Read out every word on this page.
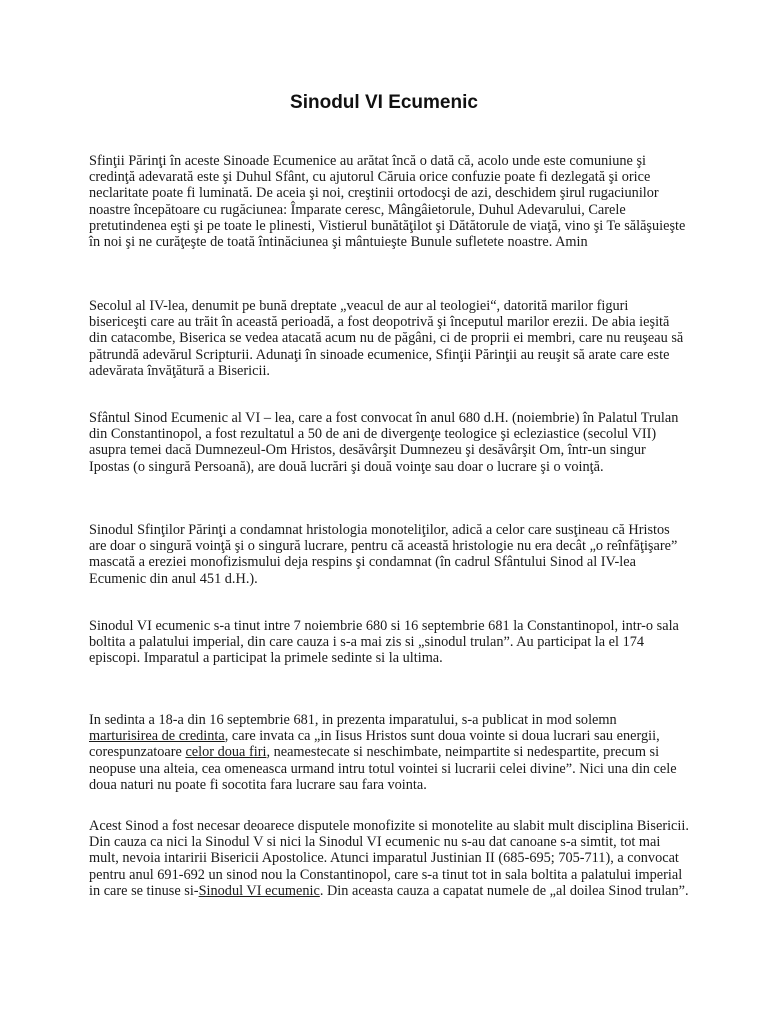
Sinodul VI Ecumenic

Sfinţii Părinţi în aceste Sinoade Ecumenice au arătat încă o dată că, acolo unde este comuniune şi credinţă adevarată este şi Duhul Sfânt, cu ajutorul Căruia orice confuzie poate fi dezlegată şi orice neclaritate poate fi luminată. De aceia şi noi, creştinii ortodocşi de azi, deschidem şirul rugaciunilor noastre începătoare cu rugăciunea: Împarate ceresc, Mângâietorule, Duhul Adevarului, Carele pretutindenea eşti şi pe toate le plinesti, Vistierul bunătăţilot şi Dătătorule de viaţă, vino şi Te sălăşuieşte în noi şi ne curăţeşte de toată întinăciunea şi mântuieşte Bunule sufletete noastre. Amin

Secolul al IV-lea, denumit pe bună dreptate „veacul de aur al teologiei“, datorită marilor figuri bisericeşti care au trăit în această perioadă, a fost deopotrivă şi începutul marilor erezii. De abia ieşită din catacombe, Biserica se vedea atacată acum nu de păgâni, ci de proprii ei membri, care nu reuşeau să pătrundă adevărul Scripturii. Adunaţi în sinoade ecumenice, Sfinţii Părinţii au reuşit să arate care este adevărata învăţătură a Bisericii.

Sfântul Sinod Ecumenic al VI – lea, care a fost convocat în anul 680 d.H. (noiembrie) în Palatul Trulan din Constantinopol, a fost rezultatul a 50 de ani de divergenţe teologice şi ecleziastice (secolul VII) asupra temei dacă Dumnezeul-Om Hristos, desăvârşit Dumnezeu şi desăvârşit Om, într-un singur Ipostas (o singură Persoană), are două lucrări şi două voinţe sau doar o lucrare şi o voinţă.

Sinodul Sfinţilor Părinţi a condamnat hristologia monoteliţilor, adică a celor care susţineau că Hristos are doar o singură voinţă şi o singură lucrare, pentru că această hristologie nu era decât „o reînfăţişare” mascată a ereziei monofizismului deja respins şi condamnat (în cadrul Sfântului Sinod al IV-lea Ecumenic din anul 451 d.H.).

Sinodul VI ecumenic s-a tinut intre 7 noiembrie 680 si 16 septembrie 681 la Constantinopol, intr-o sala boltita a palatului imperial, din care cauza i s-a mai zis si „sinodul trulan”. Au participat la el 174 episcopi. Imparatul a participat la primele sedinte si la ultima.

In sedinta a 18-a din 16 septembrie 681, in prezenta imparatului, s-a publicat in mod solemn marturisirea de credinta, care invata ca „in Iisus Hristos sunt doua vointe si doua lucrari sau energii, corespunzatoare celor doua firi, neamestecate si neschimbate, neimpartite si nedespartite, precum si neopuse una alteia, cea omeneasca urmand intru totul vointei si lucrarii celei divine”. Nici una din cele doua naturi nu poate fi socotita fara lucrare sau fara vointa.

Acest Sinod a fost necesar deoarece disputele monofizite si monotelite au slabit mult disciplina Bisericii. Din cauza ca nici la Sinodul V si nici la Sinodul VI ecumenic nu s-au dat canoane s-a simtit, tot mai mult, nevoia intaririi Bisericii Apostolice. Atunci imparatul Justinian II (685-695; 705-711), a convocat pentru anul 691-692 un sinod nou la Constantinopol, care s-a tinut tot in sala boltita a palatului imperial in care se tinuse si-Sinodul VI ecumenic. Din aceasta cauza a capatat numele de „al doilea Sinod trulan”.
